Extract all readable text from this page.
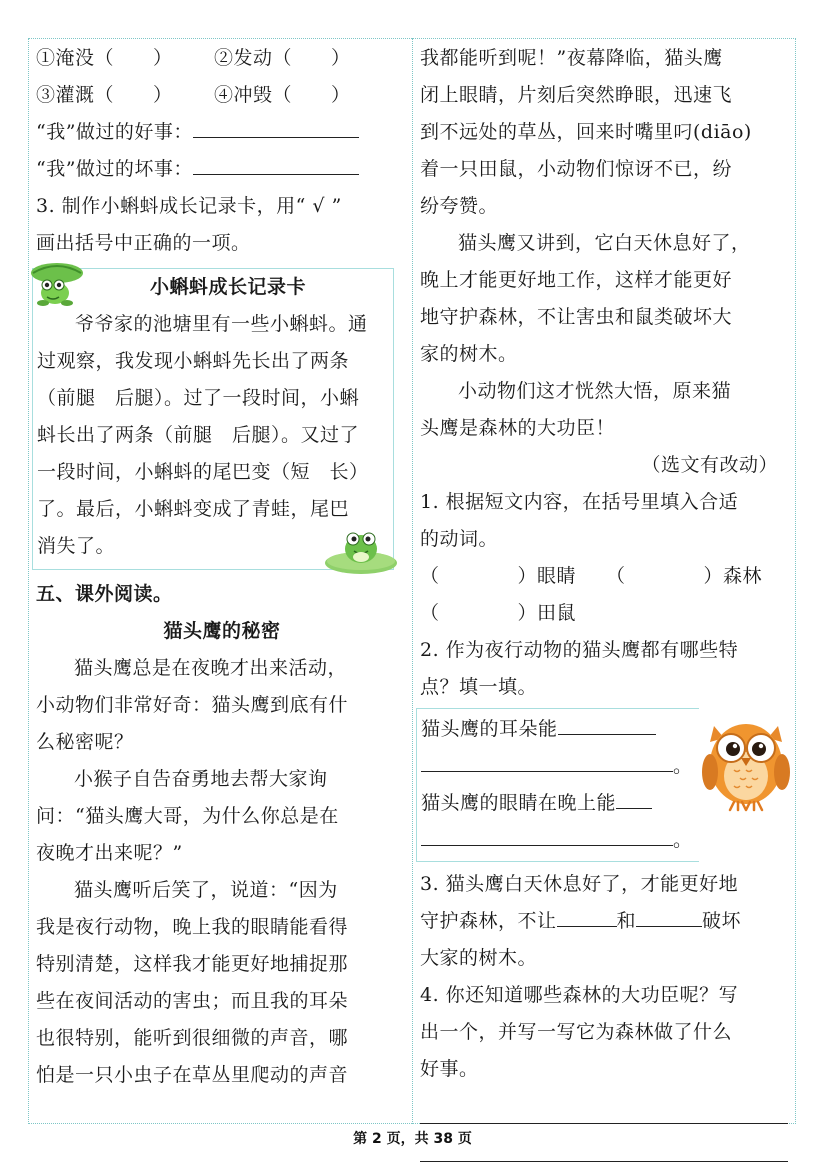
①淹没（　　）	②发动（　　）
③灌溉（　　）	④冲毁（　　）
“我”做过的好事：
“我”做过的坏事：
3. 制作小蝌蚪成长记录卡，用“ √ ”
画出括号中正确的一项。
小蝌蚪成长记录卡
爷爷家的池塘里有一些小蝌蚪。通
过观察，我发现小蝌蚪先长出了两条
（前腿　后腿）。过了一段时间，小蝌
蚪长出了两条（前腿　后腿）。又过了
一段时间，小蝌蚪的尾巴变（短　长）
了。最后，小蝌蚪变成了青蛙，尾巴
消失了。
五、课外阅读。
猫头鹰的秘密
猫头鹰总是在夜晚才出来活动，
小动物们非常好奇：猫头鹰到底有什
么秘密呢？
小猴子自告奋勇地去帮大家询
问：“猫头鹰大哥，为什么你总是在
夜晚才出来呢？”
猫头鹰听后笑了，说道：“因为
我是夜行动物，晚上我的眼睛能看得
特别清楚，这样我才能更好地捕捉那
些在夜间活动的害虫；而且我的耳朵
也很特别，能听到很细微的声音，哪
怕是一只小虫子在草丛里爬动的声音
我都能听到呢！”夜幕降临，猫头鹰
闭上眼睛，片刻后突然睁眼，迅速飞
到不远处的草丛，回来时嘴里叼(diāo)
着一只田鼠，小动物们惊讶不已，纷
纷夸赞。
猫头鹰又讲到，它白天休息好了，
晚上才能更好地工作，这样才能更好
地守护森林，不让害虫和鼠类破坏大
家的树木。
小动物们这才恍然大悟，原来猫
头鹰是森林的大功臣！
（选文有改动）
1. 根据短文内容，在括号里填入合适
的动词。
（　　　　）眼睛	（　　　　）森林
（　　　　）田鼠
2. 作为夜行动物的猫头鹰都有哪些特
点？填一填。
猫头鹰的耳朵能
。
猫头鹰的眼睛在晚上能
。
3. 猫头鹰白天休息好了，才能更好地
守护森林，不让	和	破坏
大家的树木。
4. 你还知道哪些森林的大功臣呢？写
出一个，并写一写它为森林做了什么
好事。
第 2 页，共 38 页
